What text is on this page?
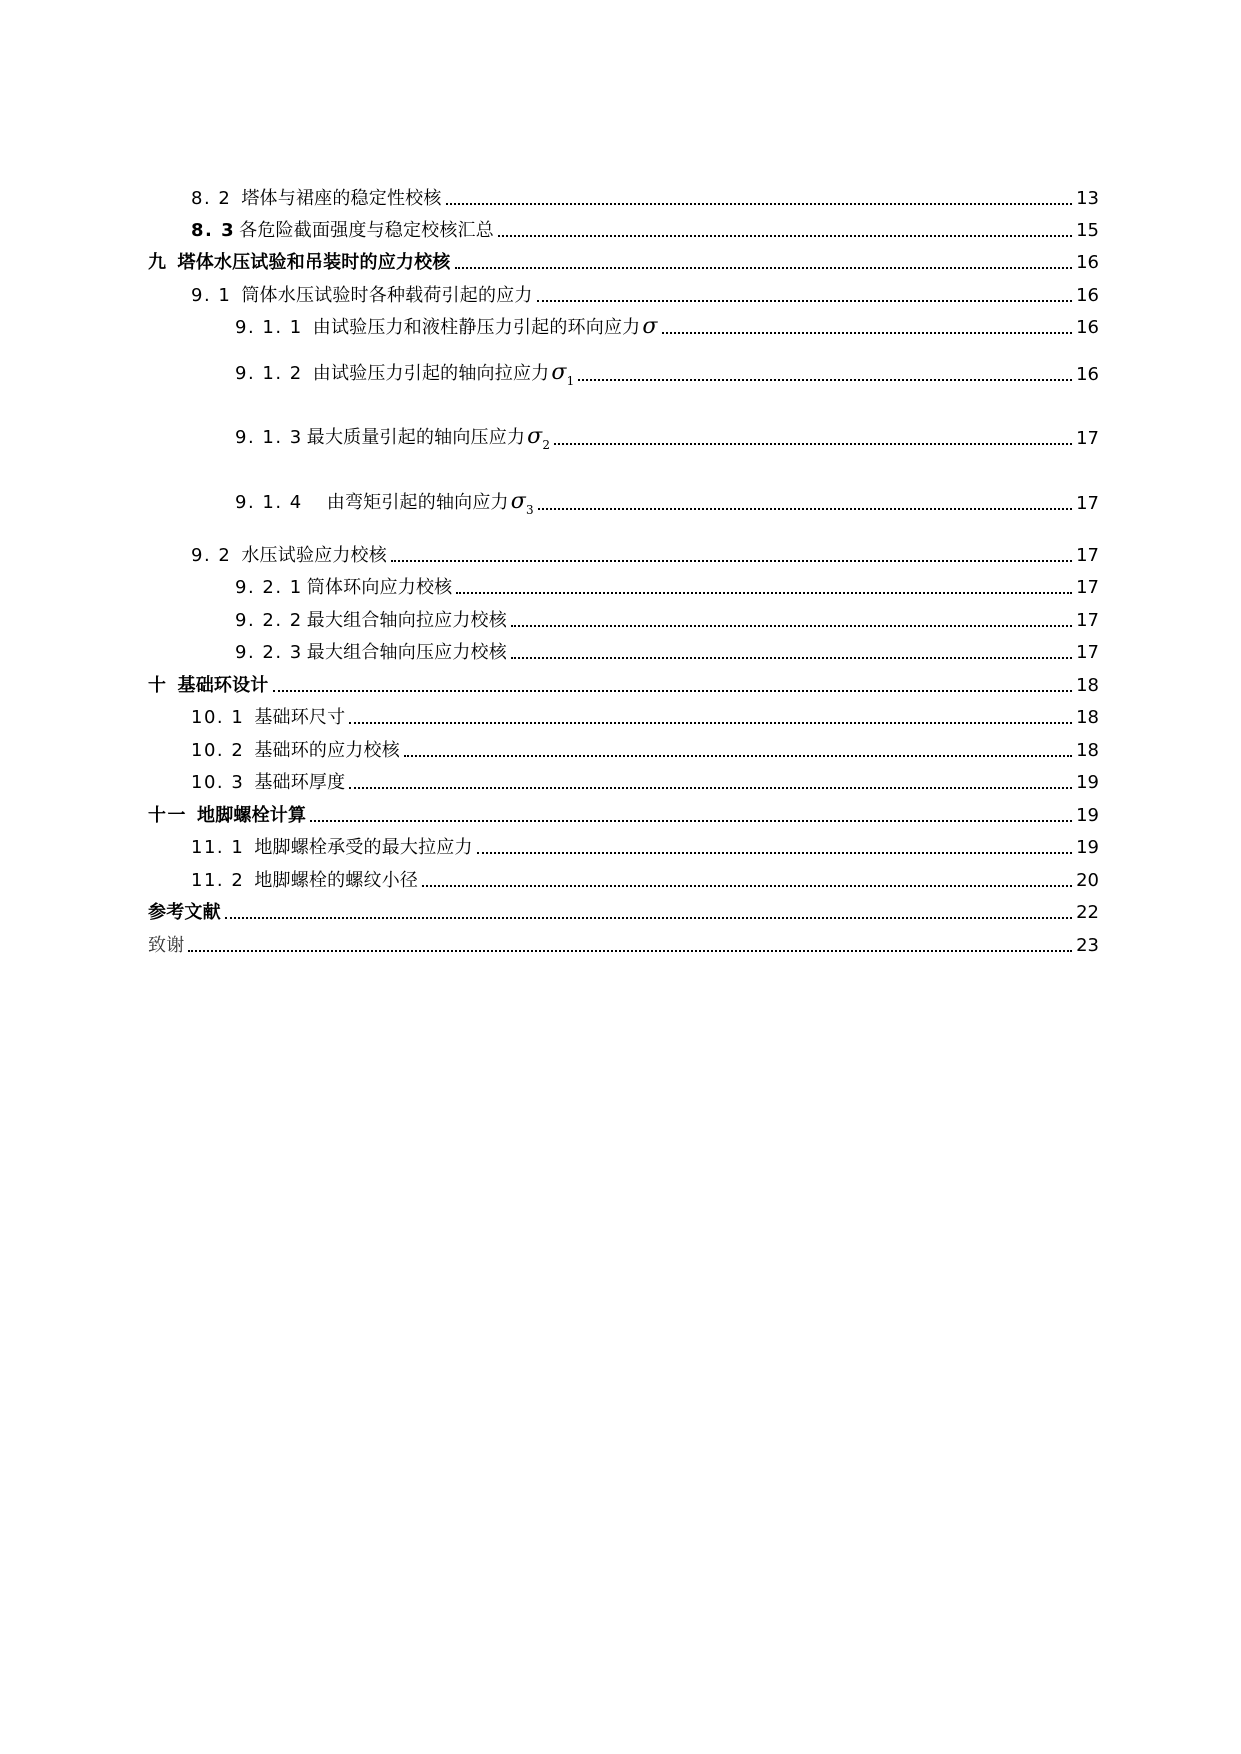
8. 2 塔体与裙座的稳定性校核	13
8. 3 各危险截面强度与稳定校核汇总	15
九 塔体水压试验和吊装时的应力校核	16
9. 1 筒体水压试验时各种载荷引起的应力	16
9. 1. 1 由试验压力和液柱静压力引起的环向应力σ	16
9. 1. 2 由试验压力引起的轴向拉应力$\sigma_1$	16
9. 1. 3 最大质量引起的轴向压应力$\sigma_2$	17
9. 1. 4 由弯矩引起的轴向应力$\sigma_3$	17
9. 2 水压试验应力校核	17
9. 2. 1 筒体环向应力校核	17
9. 2. 2 最大组合轴向拉应力校核	17
9. 2. 3 最大组合轴向压应力校核	17
十 基础环设计	18
10. 1 基础环尺寸	18
10. 2 基础环的应力校核	18
10. 3 基础环厚度	19
十一 地脚螺栓计算	19
11. 1 地脚螺栓承受的最大拉应力	19
11. 2 地脚螺栓的螺纹小径	20
参考文献	22
致谢	23
